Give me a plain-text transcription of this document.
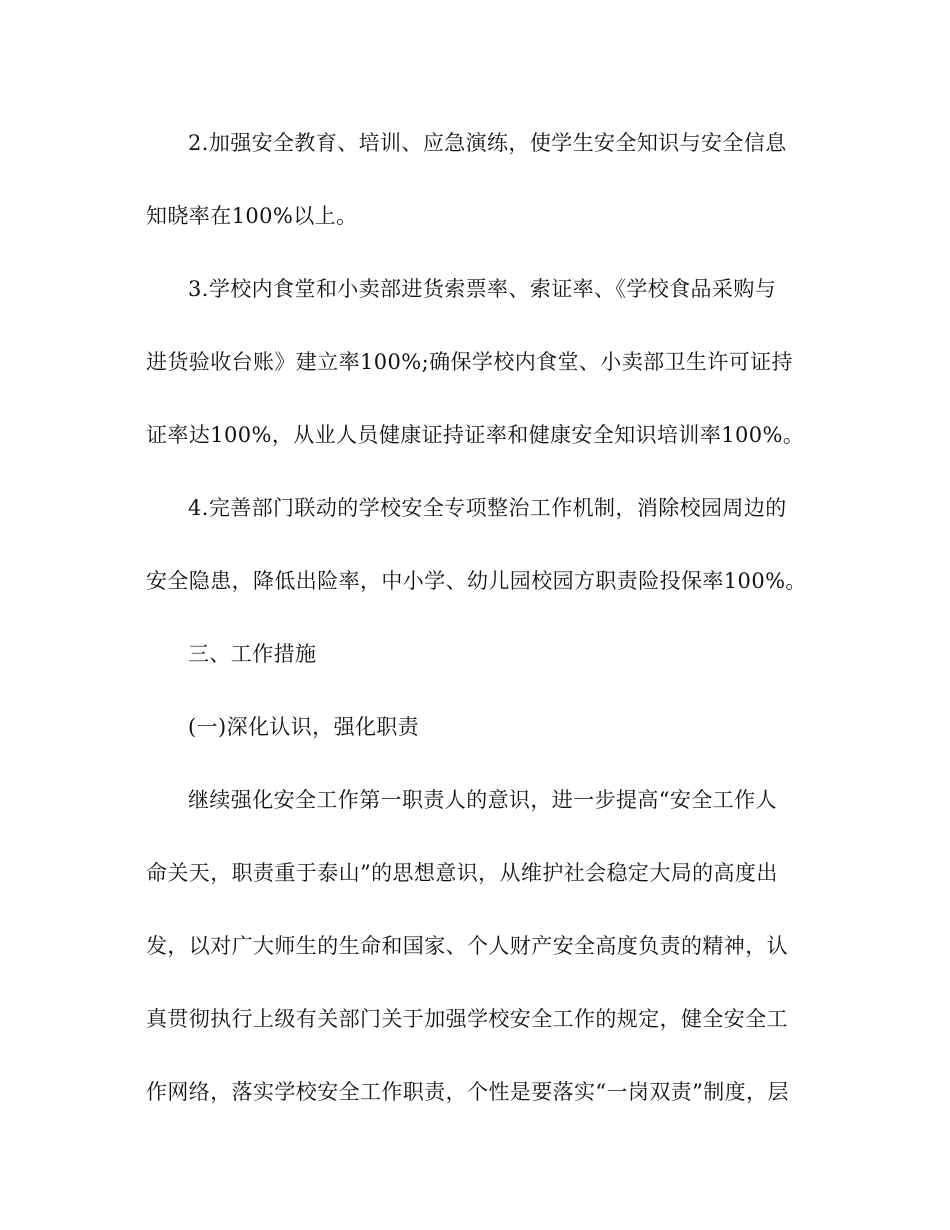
2.加强安全教育、培训、应急演练，使学生安全知识与安全信息
知晓率在100%以上。
3.学校内食堂和小卖部进货索票率、索证率、《学校食品采购与
进货验收台账》建立率100%;确保学校内食堂、小卖部卫生许可证持
证率达100%，从业人员健康证持证率和健康安全知识培训率100%。
4.完善部门联动的学校安全专项整治工作机制，消除校园周边的
安全隐患，降低出险率，中小学、幼儿园校园方职责险投保率100%。
三、工作措施
(一)深化认识，强化职责
继续强化安全工作第一职责人的意识，进一步提高“安全工作人
命关天，职责重于泰山”的思想意识，从维护社会稳定大局的高度出
发，以对广大师生的生命和国家、个人财产安全高度负责的精神，认
真贯彻执行上级有关部门关于加强学校安全工作的规定，健全安全工
作网络，落实学校安全工作职责，个性是要落实“一岗双责”制度，层
